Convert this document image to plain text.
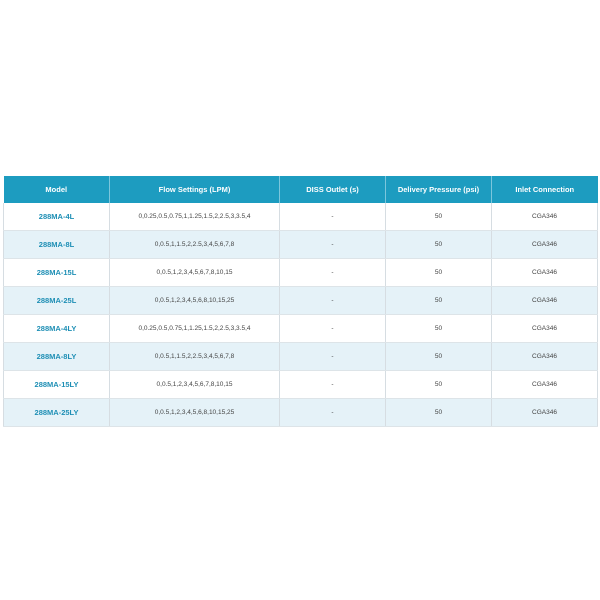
Model	Flow Settings (LPM)	DISS Outlet (s)	Delivery Pressure (psi)	Inlet Connection
288MA-4L	0,0.25,0.5,0.75,1,1.25,1.5,2,2.5,3,3.5,4	-	50	CGA346
288MA-8L	0,0.5,1,1.5,2,2.5,3,4,5,6,7,8	-	50	CGA346
288MA-15L	0,0.5,1,2,3,4,5,6,7,8,10,15	-	50	CGA346
288MA-25L	0,0.5,1,2,3,4,5,6,8,10,15,25	-	50	CGA346
288MA-4LY	0,0.25,0.5,0.75,1,1.25,1.5,2,2.5,3,3.5,4	-	50	CGA346
288MA-8LY	0,0.5,1,1.5,2,2.5,3,4,5,6,7,8	-	50	CGA346
288MA-15LY	0,0.5,1,2,3,4,5,6,7,8,10,15	-	50	CGA346
288MA-25LY	0,0.5,1,2,3,4,5,6,8,10,15,25	-	50	CGA346
